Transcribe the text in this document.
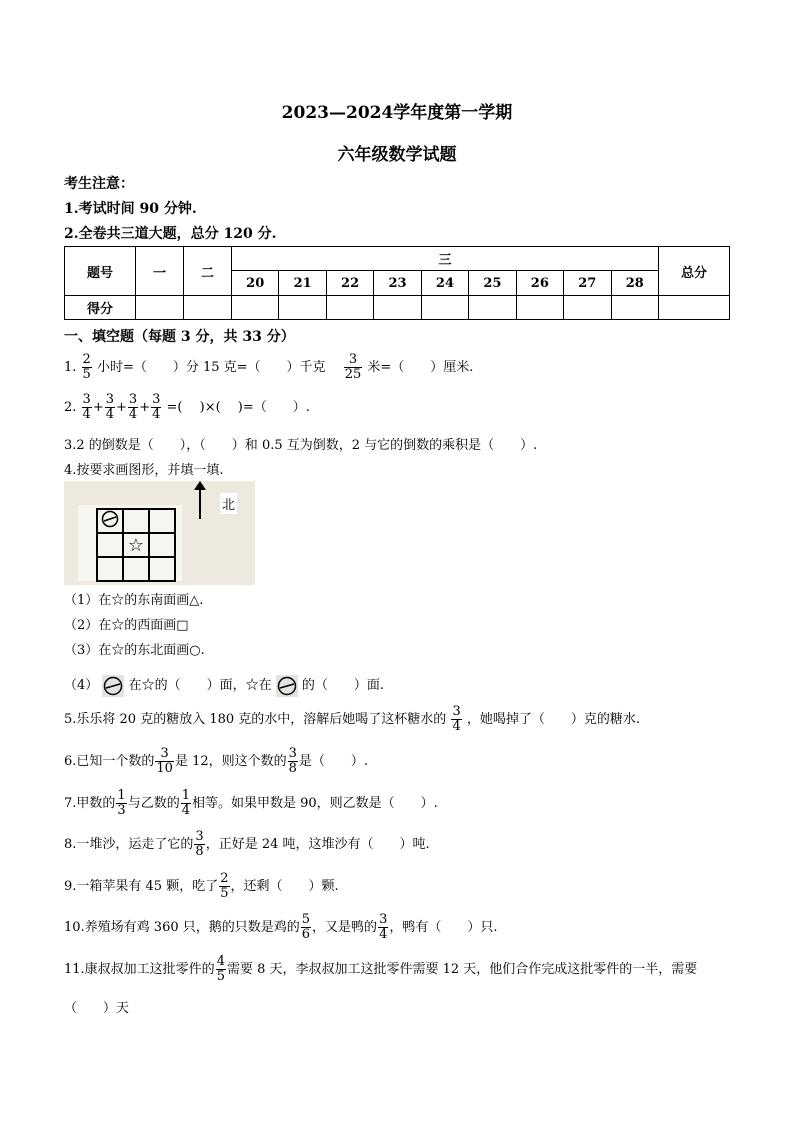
2023—2024学年度第一学期
六年级数学试题
考生注意：
1.考试时间 90 分钟.
2.全卷共三道大题，总分 120 分.
题号	一	二	三									总分
			20	21	22	23	24	25	26	27	28	
得分												
一、填空题（每题 3 分，共 33 分）
1. $\frac{2}{5}$ 小时=（　　）分 15 克=（　　）千克　 $\frac{3}{25}$ 米=（　　）厘米.
2. $\frac{3}{4} + \frac{3}{4} + \frac{3}{4} + \frac{3}{4}$ =(　 )×(　 )=（　　）.
3.2 的倒数是（　　），（　　）和 0.5 互为倒数，2 与它的倒数的乘积是（　　）.
4.按要求画图形，并填一填.

	☆	

北
（1）在☆的东南面画△.
（2）在☆的西面画□
（3）在☆的东北面画○.
（4） 在☆的（　　）面，☆在 的（　　）面.
5.乐乐将 20 克的糖放入 180 克的水中，溶解后她喝了这杯糖水的 $\frac{3}{4}$ ，她喝掉了（　　）克的糖水.
6.已知一个数的 $\frac{3}{10}$ 是 12，则这个数的 $\frac{3}{8}$ 是（　　）.
7.甲数的 $\frac{1}{3}$ 与乙数的 $\frac{1}{4}$ 相等。如果甲数是 90，则乙数是（　　）.
8.一堆沙，运走了它的 $\frac{3}{8}$ ，正好是 24 吨，这堆沙有（　　）吨.
9.一箱苹果有 45 颗，吃了 $\frac{2}{5}$ ，还剩（　　）颗.
10.养殖场有鸡 360 只，鹅的只数是鸡的 $\frac{5}{6}$ ，又是鸭的 $\frac{3}{4}$ ，鸭有（　　）只.
11.康叔叔加工这批零件的 $\frac{4}{5}$ 需要 8 天，李叔叔加工这批零件需要 12 天，他们合作完成这批零件的一半，需要
（　　）天
